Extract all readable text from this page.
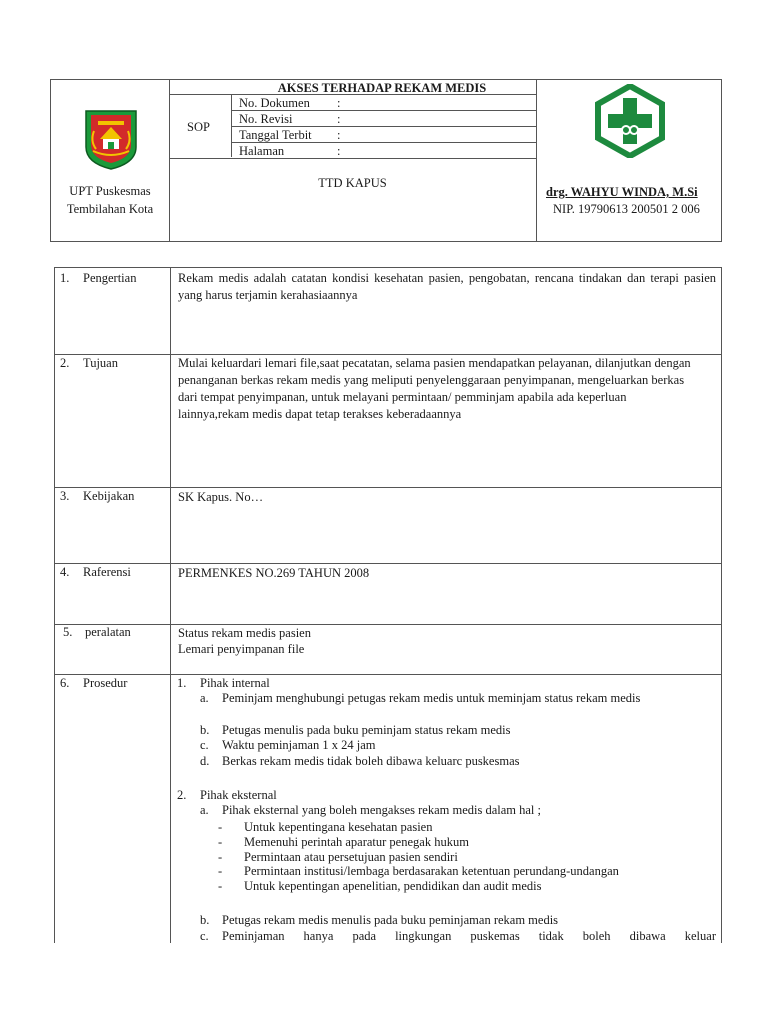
AKSES TERHADAP REKAM MEDIS
SOP
No. Dokumen :
No. Revisi	:
Tanggal Terbit :
Halaman	:
UPT Puskesmas
Tembilahan Kota
TTD KAPUS
drg. WAHYU WINDA, M.Si
NIP. 19790613 200501 2 006
1. Pengertian	Rekam medis adalah catatan kondisi kesehatan pasien, pengobatan, rencana tindakan dan terapi pasien yang harus terjamin kerahasiaannya
2. Tujuan	Mulai keluardari lemari file,saat pecatatan, selama pasien mendapatkan pelayanan, dilanjutkan dengan penanganan berkas rekam medis yang meliputi penyelenggaraan penyimpanan, mengeluarkan berkas dari tempat penyimpanan, untuk melayani permintaan/ pemminjam apabila ada keperluan lainnya,rekam medis dapat tetap terakses keberadaannya
3. Kebijakan	SK Kapus. No…
4. Raferensi	PERMENKES NO.269 TAHUN 2008
5. peralatan	Status rekam medis pasien

Lemari penyimpanan file

6. Prosedur	1. Pihak internal
a. Peminjam menghubungi petugas rekam medis untuk meminjam status rekam medis
b. Petugas menulis pada buku peminjam status rekam medis
c. Waktu peminjaman 1 x 24 jam
d. Berkas rekam medis tidak boleh dibawa keluarc puskesmas
2. Pihak eksternal
a. Pihak eksternal yang boleh mengakses rekam medis dalam hal ;
- Untuk kepentingana kesehatan pasien
- Memenuhi perintah aparatur penegak hukum
- Permintaan atau persetujuan pasien sendiri
- Permintaan institusi/lembaga berdasarakan ketentuan perundang-undangan
- Untuk kepentingan apenelitian, pendidikan dan audit medis
b. Petugas rekam medis menulis pada buku peminjaman rekam medis
c. Peminjaman hanya pada lingkungan puskemas tidak boleh dibawa keluar
